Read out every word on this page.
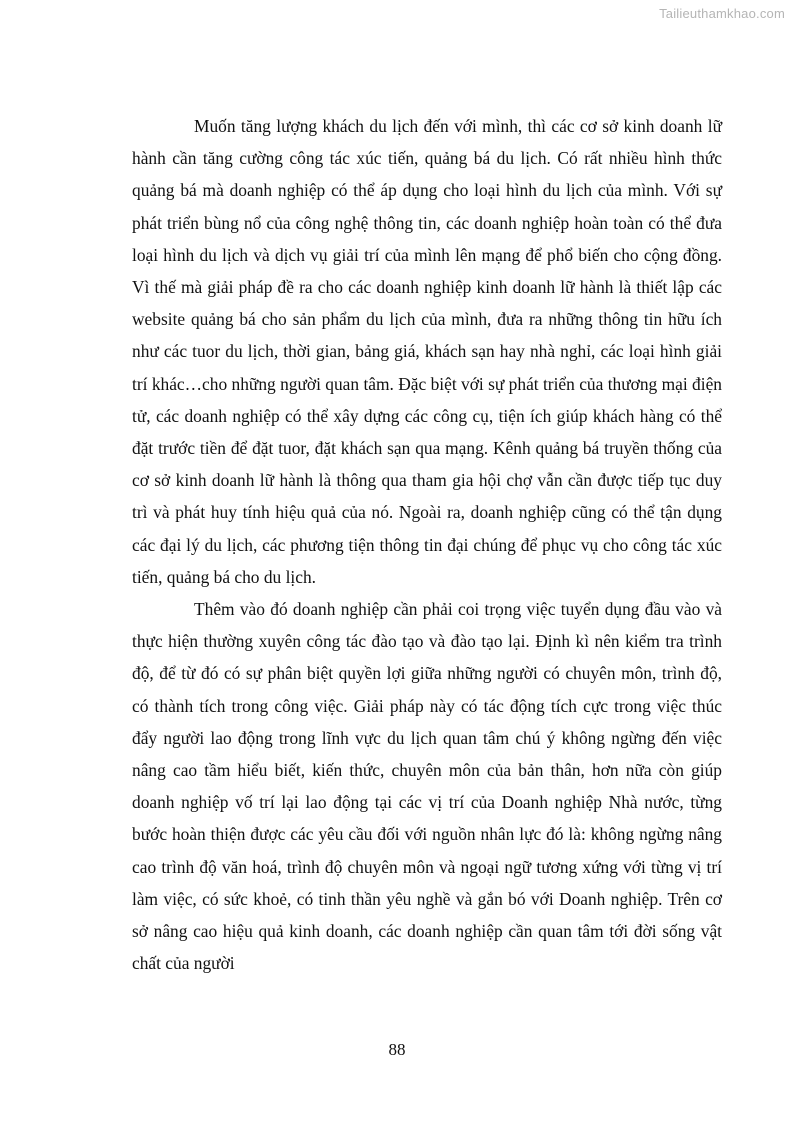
Tailieuthamkhao.com

Muốn tăng lượng khách du lịch đến với mình, thì các cơ sở kinh doanh lữ hành cần tăng cường công tác xúc tiến, quảng bá du lịch. Có rất nhiều hình thức quảng bá mà doanh nghiệp có thể áp dụng cho loại hình du lịch của mình. Với sự phát triển bùng nổ của công nghệ thông tin, các doanh nghiệp hoàn toàn có thể đưa loại hình du lịch và dịch vụ giải trí của mình lên mạng để phổ biến cho cộng đồng. Vì thế mà giải pháp đề ra cho các doanh nghiệp kinh doanh lữ hành là thiết lập các website quảng bá cho sản phẩm du lịch của mình, đưa ra những thông tin hữu ích như các tuor du lịch, thời gian, bảng giá, khách sạn hay nhà nghỉ, các loại hình giải trí khác…cho những người quan tâm. Đặc biệt với sự phát triển của thương mại điện tử, các doanh nghiệp có thể xây dựng các công cụ, tiện ích giúp khách hàng có thể đặt trước tiền để đặt tuor, đặt khách sạn qua mạng. Kênh quảng bá truyền thống của cơ sở kinh doanh lữ hành là thông qua tham gia hội chợ vẫn cần được tiếp tục duy trì và phát huy tính hiệu quả của nó. Ngoài ra, doanh nghiệp cũng có thể tận dụng các đại lý du lịch, các phương tiện thông tin đại chúng để phục vụ cho công tác xúc tiến, quảng bá cho du lịch.

Thêm vào đó doanh nghiệp cần phải coi trọng việc tuyển dụng đầu vào và thực hiện thường xuyên công tác đào tạo và đào tạo lại. Định kì nên kiểm tra trình độ, để từ đó có sự phân biệt quyền lợi giữa những người có chuyên môn, trình độ, có thành tích trong công việc. Giải pháp này có tác động tích cực trong việc thúc đẩy người lao động trong lĩnh vực du lịch quan tâm chú ý không ngừng đến việc nâng cao tầm hiểu biết, kiến thức, chuyên môn của bản thân, hơn nữa còn giúp doanh nghiệp vố trí lại lao động tại các vị trí của Doanh nghiệp Nhà nước, từng bước hoàn thiện được các yêu cầu đối với nguồn nhân lực đó là: không ngừng nâng cao trình độ văn hoá, trình độ chuyên môn và ngoại ngữ tương xứng với từng vị trí làm việc, có sức khoẻ, có tinh thần yêu nghề và gắn bó với Doanh nghiệp. Trên cơ sở nâng cao hiệu quả kinh doanh, các doanh nghiệp cần quan tâm tới đời sống vật chất của người

88
